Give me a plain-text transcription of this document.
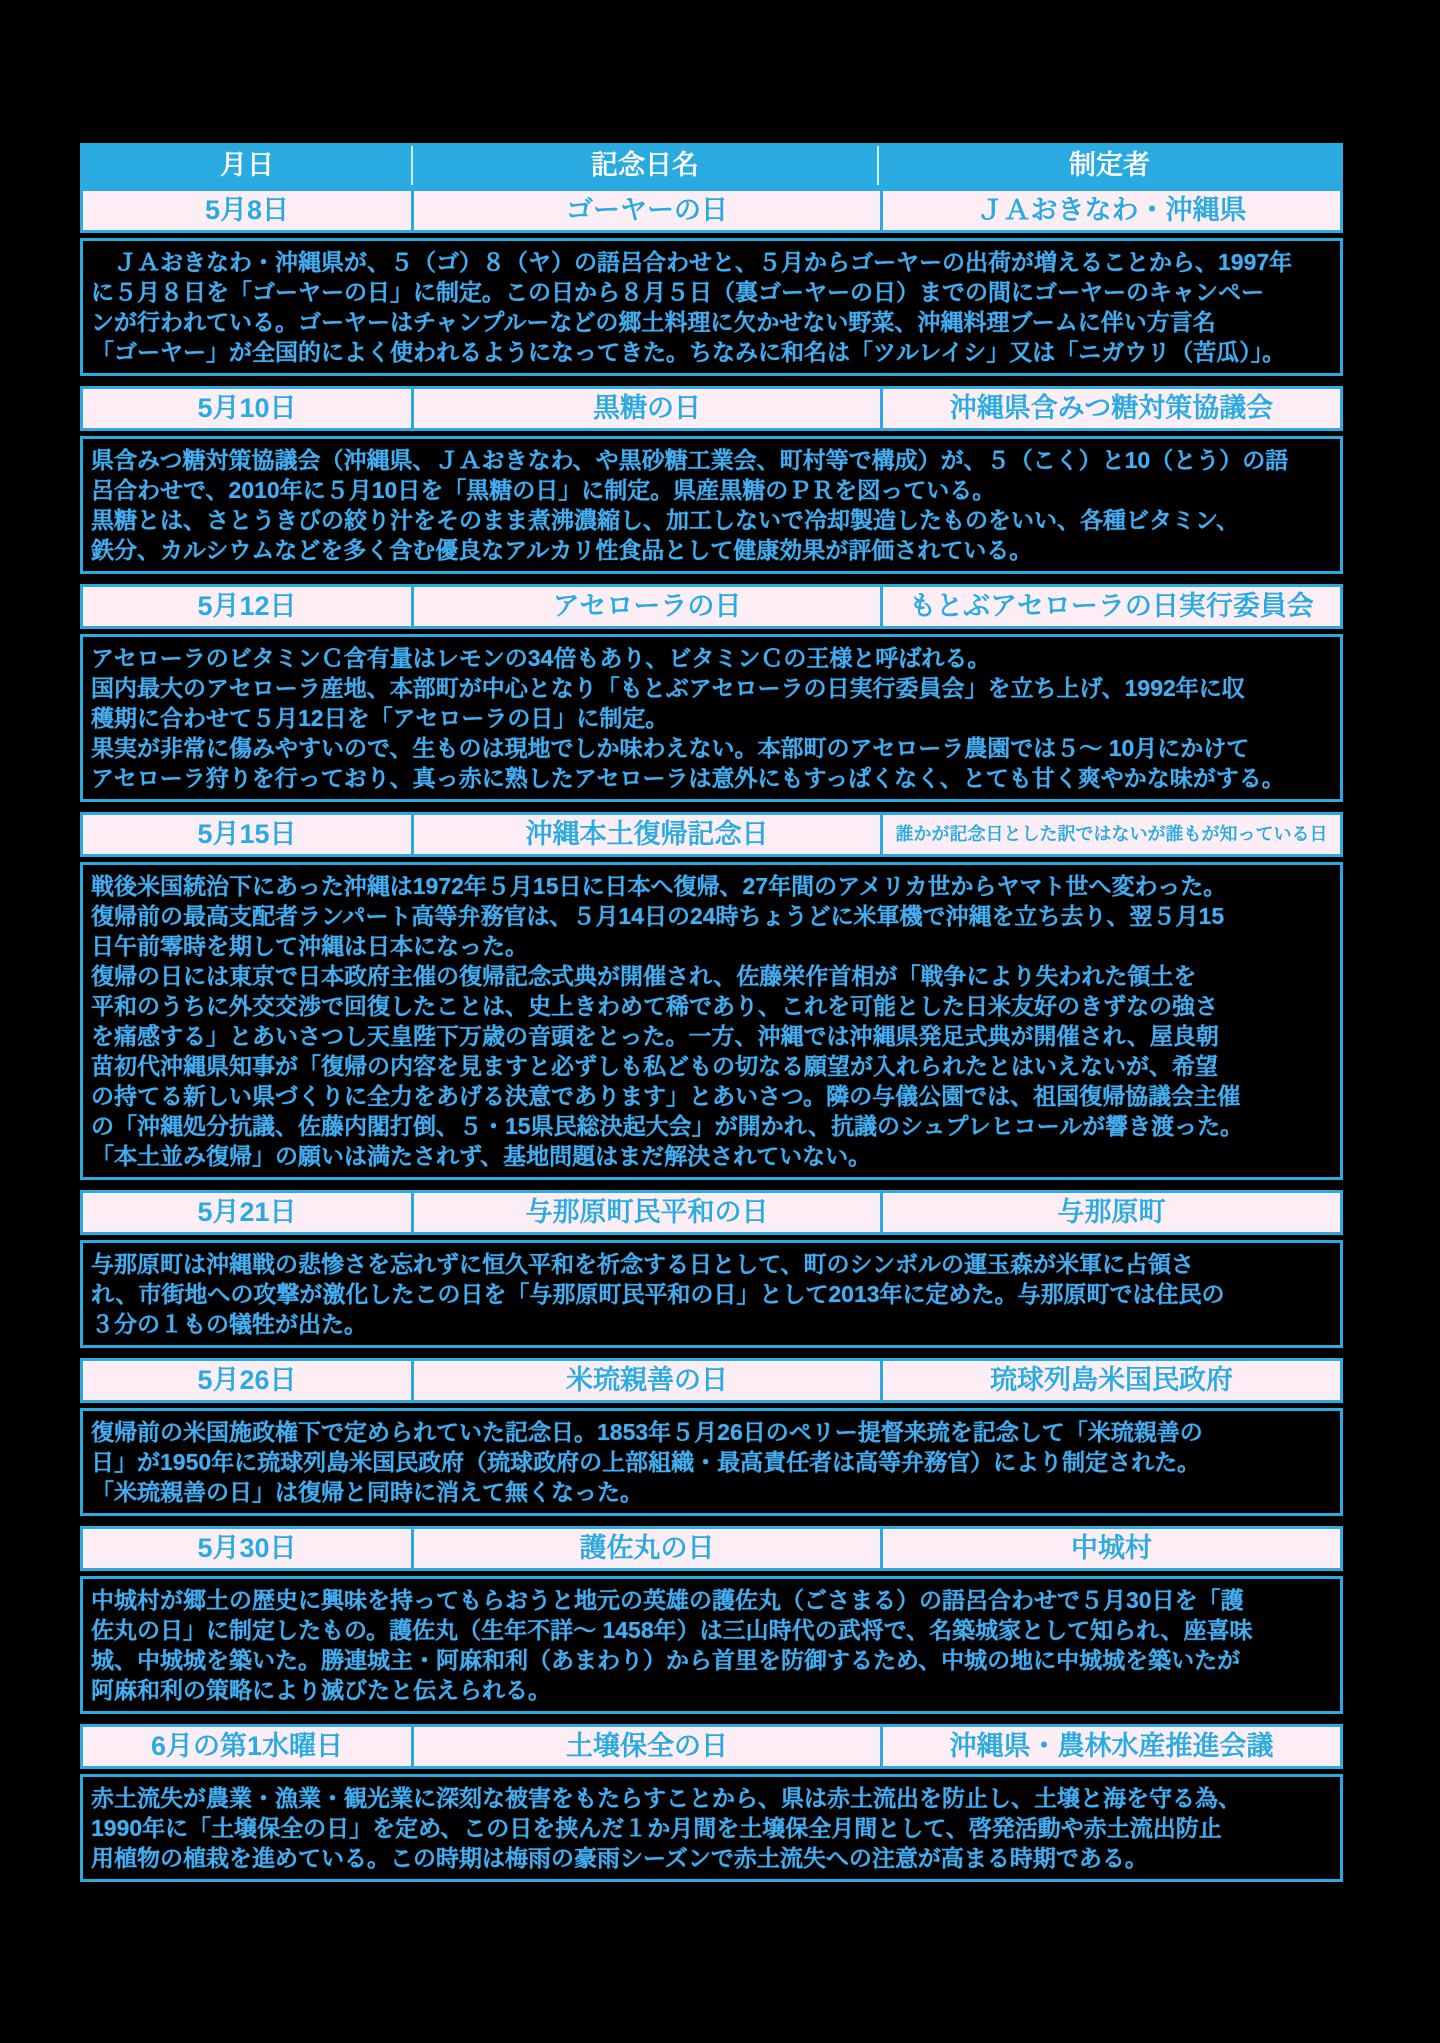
月日	記念日名	制定者
5月8日	ゴーヤーの日	ＪＡおきなわ・沖縄県
　ＪＡおきなわ・沖縄県が、５（ゴ）８（ヤ）の語呂合わせと、５月からゴーヤーの出荷が増えることから、1997年
に５月８日を「ゴーヤーの日」に制定。この日から８月５日（裏ゴーヤーの日）までの間にゴーヤーのキャンペー
ンが行われている。ゴーヤーはチャンプルーなどの郷土料理に欠かせない野菜、沖縄料理ブームに伴い方言名
「ゴーヤー」が全国的によく使われるようになってきた。ちなみに和名は「ツルレイシ」又は「ニガウリ（苦瓜）」。
5月10日	黒糖の日	沖縄県含みつ糖対策協議会
県含みつ糖対策協議会（沖縄県、ＪＡおきなわ、や黒砂糖工業会、町村等で構成）が、５（こく）と10（とう）の語
呂合わせで、2010年に５月10日を「黒糖の日」に制定。県産黒糖のＰＲを図っている。
黒糖とは、さとうきびの絞り汁をそのまま煮沸濃縮し、加工しないで冷却製造したものをいい、各種ビタミン、
鉄分、カルシウムなどを多く含む優良なアルカリ性食品として健康効果が評価されている。
5月12日	アセローラの日	もとぶアセローラの日実行委員会
アセローラのビタミンＣ含有量はレモンの34倍もあり、ビタミンＣの王様と呼ばれる。
国内最大のアセローラ産地、本部町が中心となり「もとぶアセローラの日実行委員会」を立ち上げ、1992年に収
穫期に合わせて５月12日を「アセローラの日」に制定。
果実が非常に傷みやすいので、生ものは現地でしか味わえない。本部町のアセローラ農園では５～ 10月にかけて
アセローラ狩りを行っており、真っ赤に熟したアセローラは意外にもすっぱくなく、とても甘く爽やかな味がする。
5月15日	沖縄本土復帰記念日	誰かが記念日とした訳ではないが誰もが知っている日
戦後米国統治下にあった沖縄は1972年５月15日に日本へ復帰、27年間のアメリカ世からヤマト世へ変わった。
復帰前の最高支配者ランパート高等弁務官は、５月14日の24時ちょうどに米軍機で沖縄を立ち去り、翌５月15
日午前零時を期して沖縄は日本になった。
復帰の日には東京で日本政府主催の復帰記念式典が開催され、佐藤栄作首相が「戦争により失われた領土を
平和のうちに外交交渉で回復したことは、史上きわめて稀であり、これを可能とした日米友好のきずなの強さ
を痛感する」とあいさつし天皇陛下万歳の音頭をとった。一方、沖縄では沖縄県発足式典が開催され、屋良朝
苗初代沖縄県知事が「復帰の内容を見ますと必ずしも私どもの切なる願望が入れられたとはいえないが、希望
の持てる新しい県づくりに全力をあげる決意であります」とあいさつ。隣の与儀公園では、祖国復帰協議会主催
の「沖縄処分抗議、佐藤内閣打倒、５・15県民総決起大会」が開かれ、抗議のシュプレヒコールが響き渡った。
「本土並み復帰」の願いは満たされず、基地問題はまだ解決されていない。
5月21日	与那原町民平和の日	与那原町
与那原町は沖縄戦の悲惨さを忘れずに恒久平和を祈念する日として、町のシンボルの運玉森が米軍に占領さ
れ、市街地への攻撃が激化したこの日を「与那原町民平和の日」として2013年に定めた。与那原町では住民の
３分の１もの犠牲が出た。
5月26日	米琉親善の日	琉球列島米国民政府
復帰前の米国施政権下で定められていた記念日。1853年５月26日のペリー提督来琉を記念して「米琉親善の
日」が1950年に琉球列島米国民政府（琉球政府の上部組織・最高責任者は高等弁務官）により制定された。
「米琉親善の日」は復帰と同時に消えて無くなった。
5月30日	護佐丸の日	中城村
中城村が郷土の歴史に興味を持ってもらおうと地元の英雄の護佐丸（ごさまる）の語呂合わせで５月30日を「護
佐丸の日」に制定したもの。護佐丸（生年不詳～ 1458年）は三山時代の武将で、名築城家として知られ、座喜味
城、中城城を築いた。勝連城主・阿麻和利（あまわり）から首里を防御するため、中城の地に中城城を築いたが
阿麻和利の策略により滅びたと伝えられる。
6月の第1水曜日	土壌保全の日	沖縄県・農林水産推進会議
赤土流失が農業・漁業・観光業に深刻な被害をもたらすことから、県は赤土流出を防止し、土壌と海を守る為、
1990年に「土壌保全の日」を定め、この日を挟んだ１か月間を土壌保全月間として、啓発活動や赤土流出防止
用植物の植栽を進めている。この時期は梅雨の豪雨シーズンで赤土流失への注意が高まる時期である。
